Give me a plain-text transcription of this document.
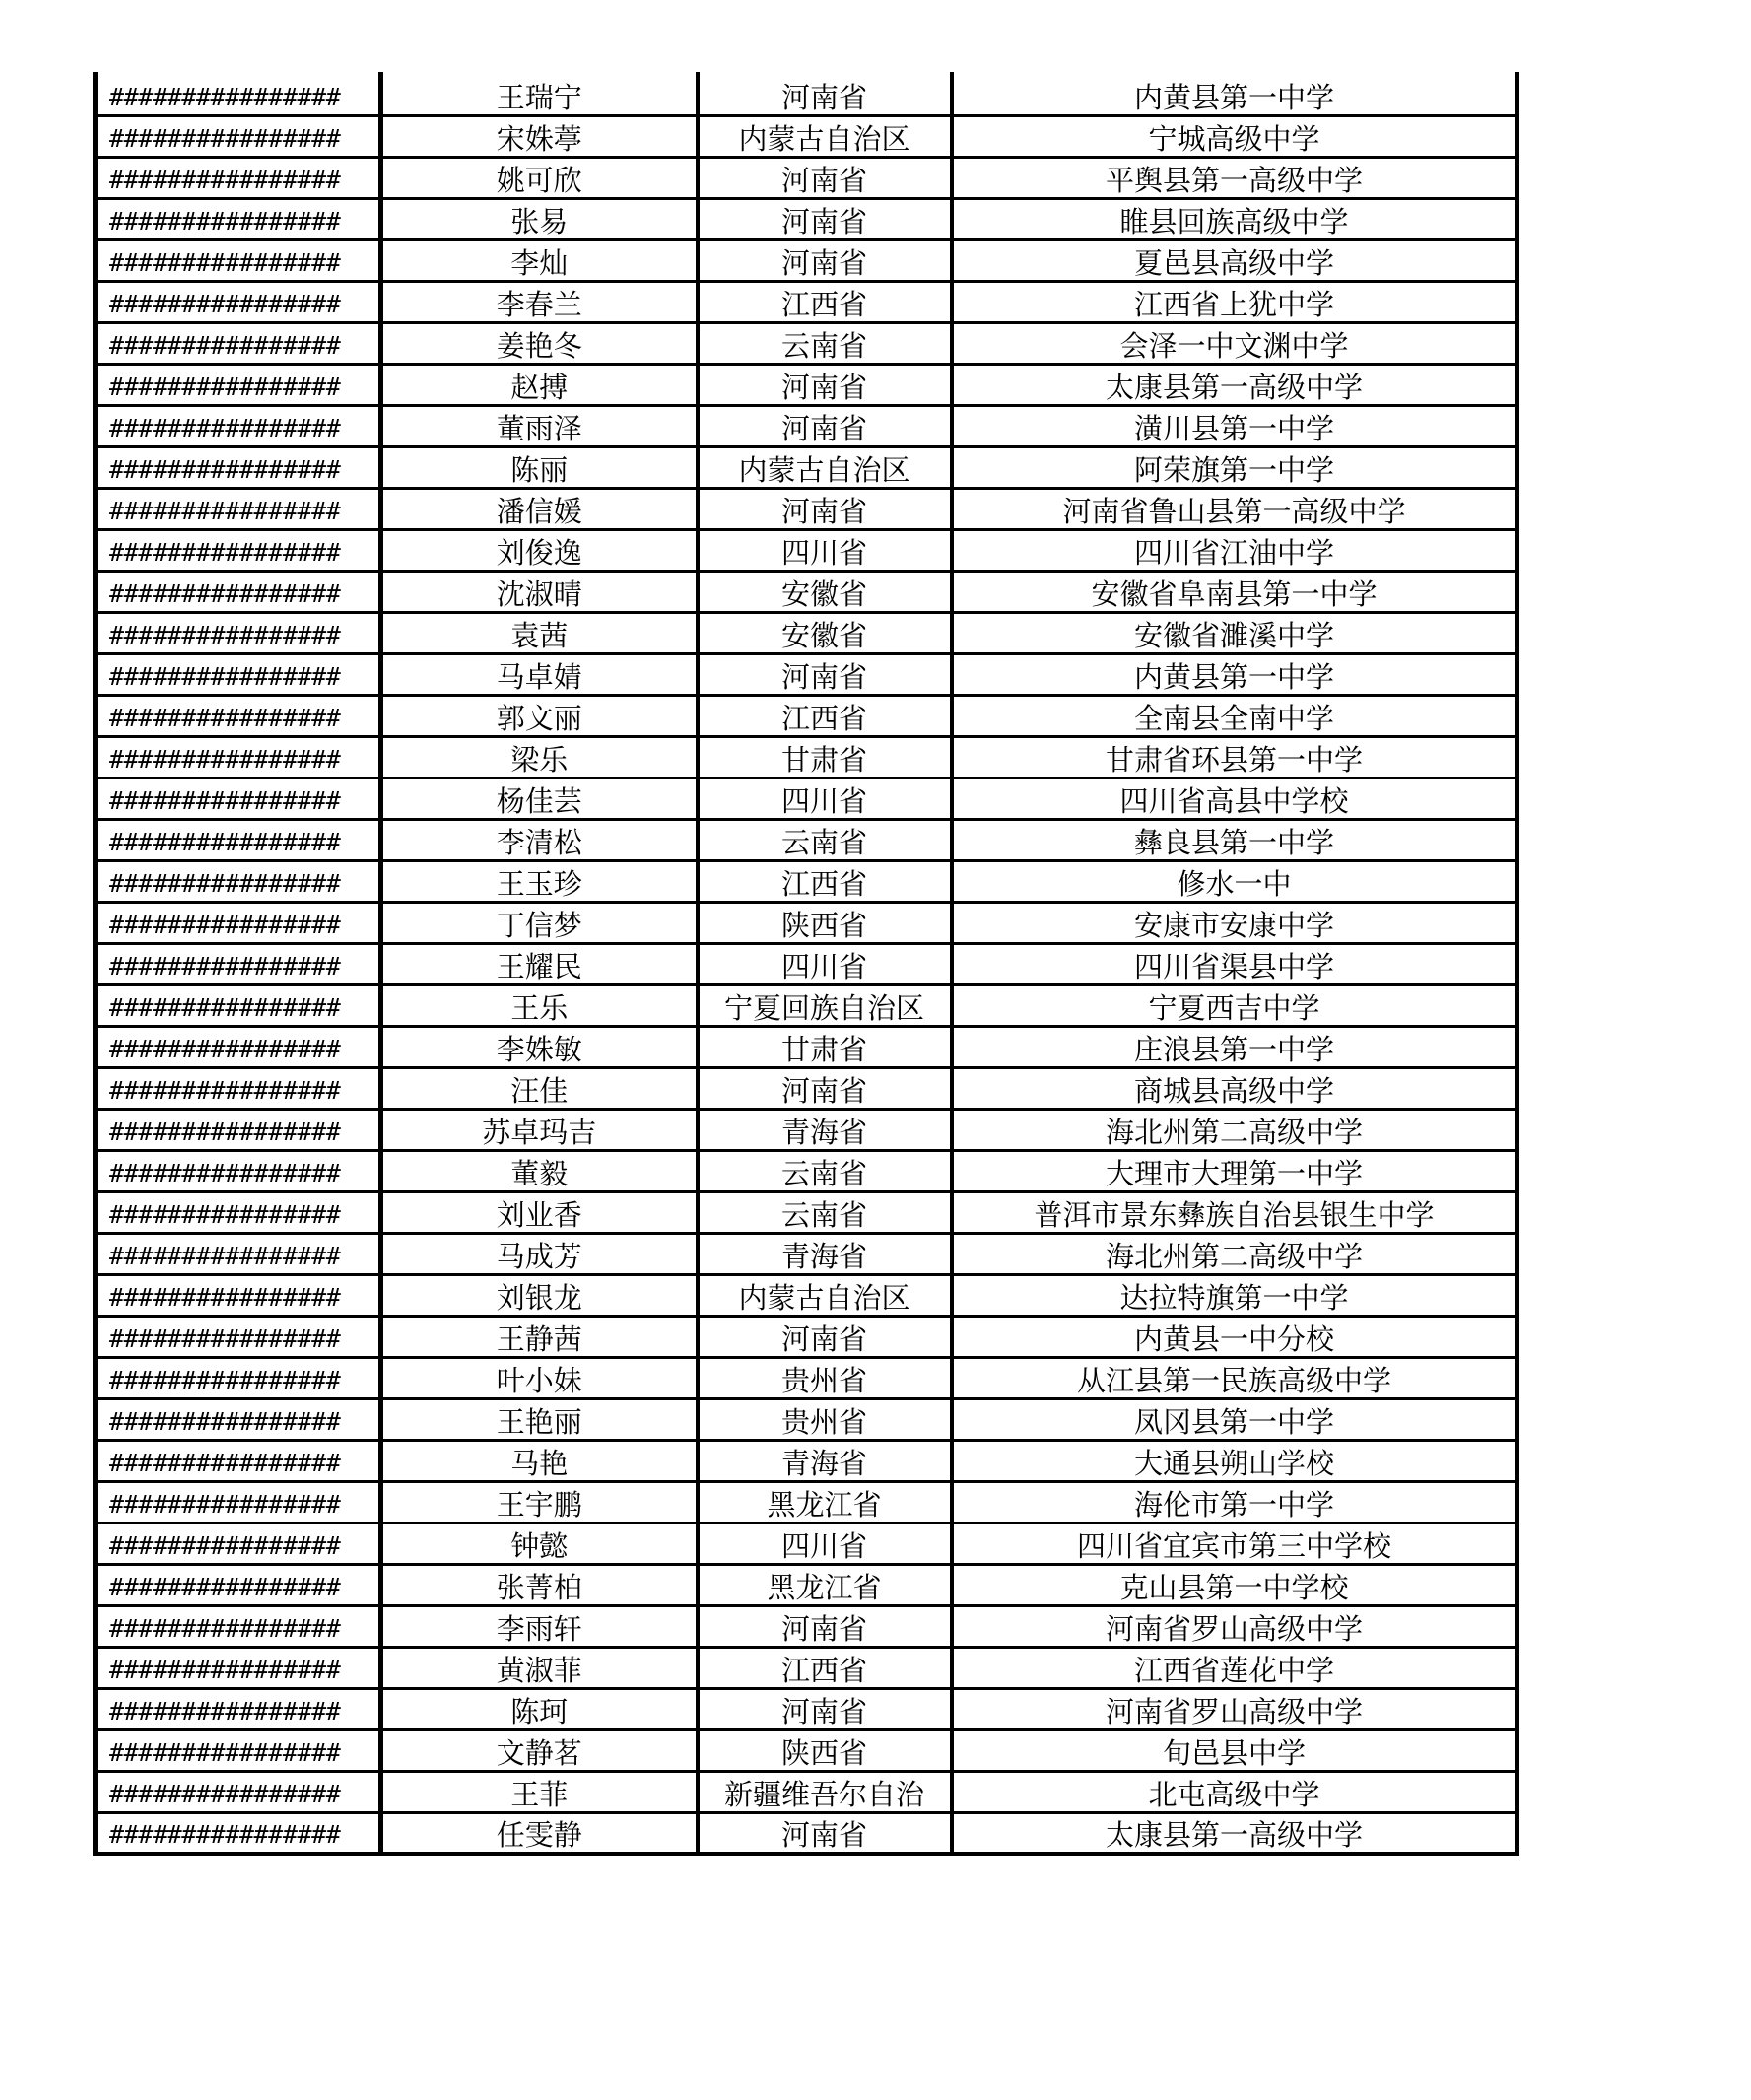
################	王瑞宁	河南省	内黄县第一中学
################	宋姝葶	内蒙古自治区	宁城高级中学
################	姚可欣	河南省	平舆县第一高级中学
################	张易	河南省	睢县回族高级中学
################	李灿	河南省	夏邑县高级中学
################	李春兰	江西省	江西省上犹中学
################	姜艳冬	云南省	会泽一中文渊中学
################	赵搏	河南省	太康县第一高级中学
################	董雨泽	河南省	潢川县第一中学
################	陈丽	内蒙古自治区	阿荣旗第一中学
################	潘信媛	河南省	河南省鲁山县第一高级中学
################	刘俊逸	四川省	四川省江油中学
################	沈淑晴	安徽省	安徽省阜南县第一中学
################	袁茜	安徽省	安徽省濉溪中学
################	马卓婧	河南省	内黄县第一中学
################	郭文丽	江西省	全南县全南中学
################	梁乐	甘肃省	甘肃省环县第一中学
################	杨佳芸	四川省	四川省高县中学校
################	李清松	云南省	彝良县第一中学
################	王玉珍	江西省	修水一中
################	丁信梦	陕西省	安康市安康中学
################	王耀民	四川省	四川省渠县中学
################	王乐	宁夏回族自治区	宁夏西吉中学
################	李姝敏	甘肃省	庄浪县第一中学
################	汪佳	河南省	商城县高级中学
################	苏卓玛吉	青海省	海北州第二高级中学
################	董毅	云南省	大理市大理第一中学
################	刘业香	云南省	普洱市景东彝族自治县银生中学
################	马成芳	青海省	海北州第二高级中学
################	刘银龙	内蒙古自治区	达拉特旗第一中学
################	王静茜	河南省	内黄县一中分校
################	叶小妹	贵州省	从江县第一民族高级中学
################	王艳丽	贵州省	凤冈县第一中学
################	马艳	青海省	大通县朔山学校
################	王宇鹏	黑龙江省	海伦市第一中学
################	钟懿	四川省	四川省宜宾市第三中学校
################	张菁柏	黑龙江省	克山县第一中学校
################	李雨轩	河南省	河南省罗山高级中学
################	黄淑菲	江西省	江西省莲花中学
################	陈珂	河南省	河南省罗山高级中学
################	文静茗	陕西省	旬邑县中学
################	王菲	新疆维吾尔自治	北屯高级中学
################	任雯静	河南省	太康县第一高级中学
